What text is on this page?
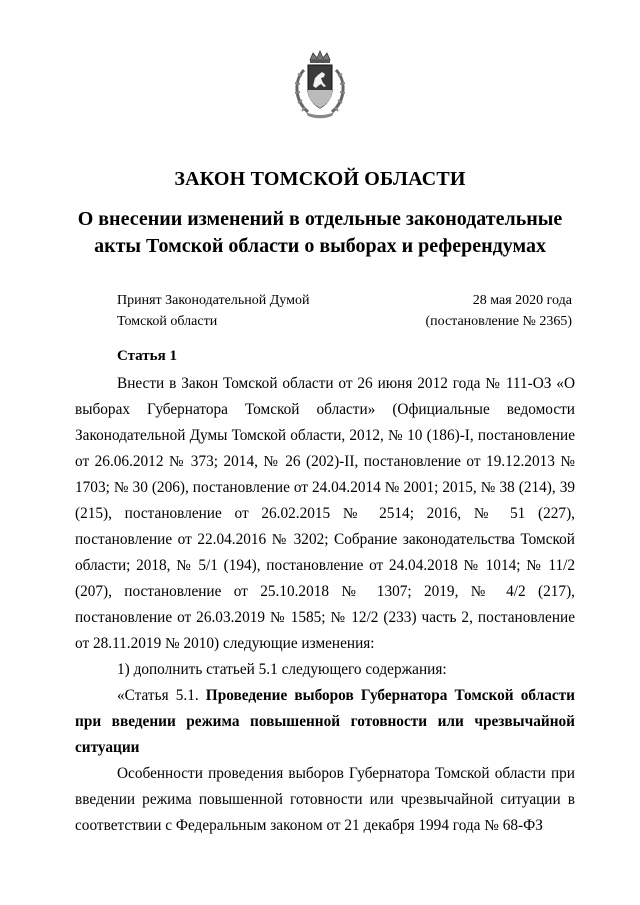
ЗАКОН ТОМСКОЙ ОБЛАСТИ
О внесении изменений в отдельные законодательные
акты Томской области о выборах и референдумах
Принят Законодательной Думой
Томской области
28 мая 2020 года
(постановление № 2365)
Статья 1

Внести в Закон Томской области от 26 июня 2012 года № 111-ОЗ «О выборах Губернатора Томской области» (Официальные ведомости Законодательной Думы Томской области, 2012, № 10 (186)-I, постановление от 26.06.2012 № 373; 2014, № 26 (202)-II, постановление от 19.12.2013 № 1703; № 30 (206), постановление от 24.04.2014 № 2001; 2015, № 38 (214), 39 (215), постановление от 26.02.2015 № 2514; 2016, № 51 (227), постановление от 22.04.2016 № 3202; Собрание законодательства Томской области; 2018, № 5/1 (194), постановление от 24.04.2018 № 1014; № 11/2 (207), постановление от 25.10.2018 № 1307; 2019, № 4/2 (217), постановление от 26.03.2019 № 1585; № 12/2 (233) часть 2, постановление от 28.11.2019 № 2010) следующие изменения:

1) дополнить статьей 5.1 следующего содержания:

«Статья 5.1. Проведение выборов Губернатора Томской области при введении режима повышенной готовности или чрезвычайной ситуации

Особенности проведения выборов Губернатора Томской области при введении режима повышенной готовности или чрезвычайной ситуации в соответствии с Федеральным законом от 21 декабря 1994 года № 68-ФЗ
